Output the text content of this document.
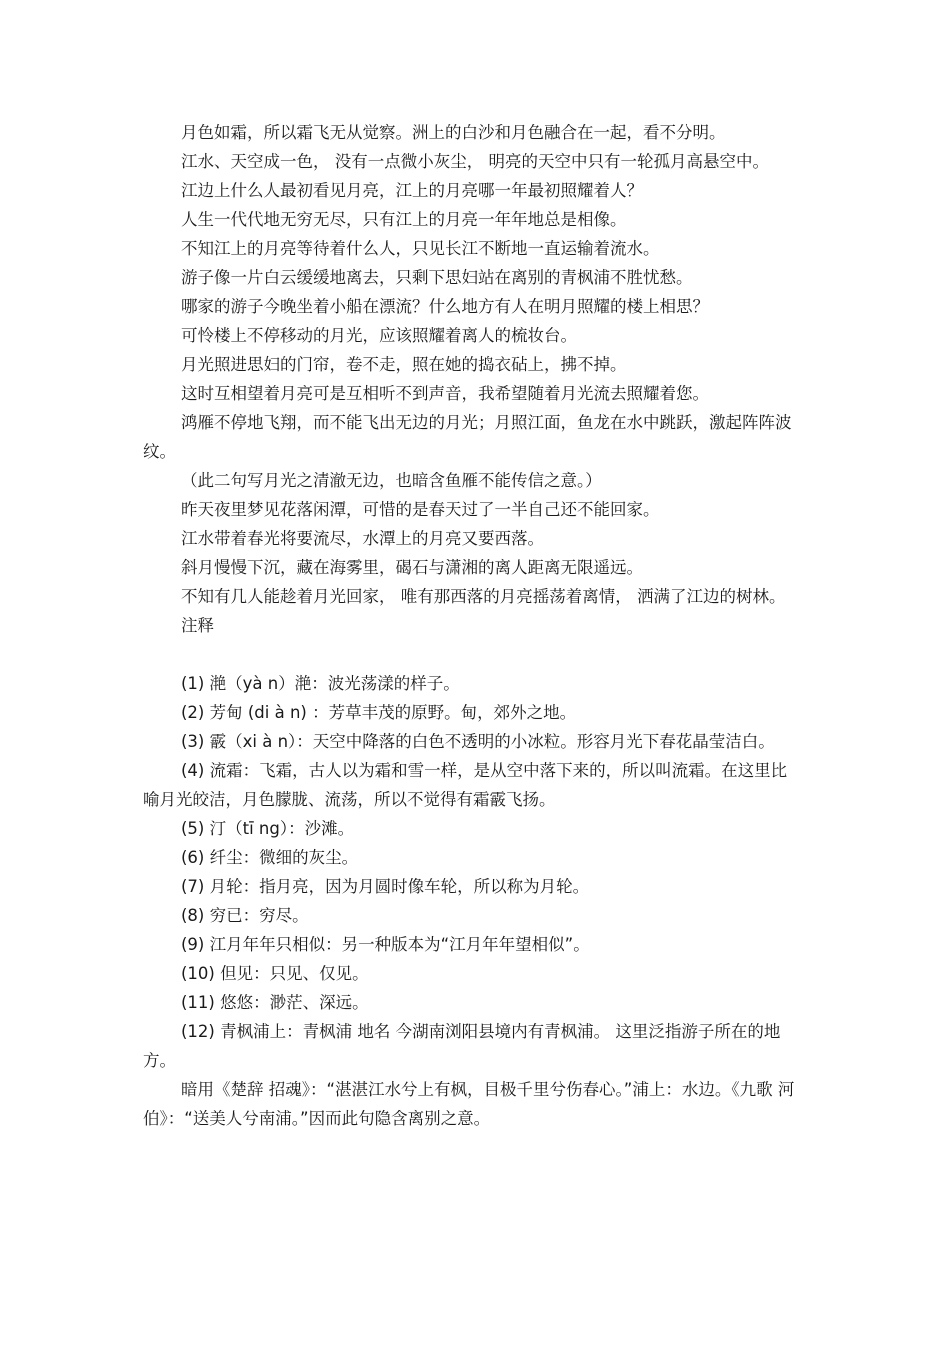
月色如霜，所以霜飞无从觉察。洲上的白沙和月色融合在一起，看不分明。

江水、天空成一色， 没有一点微小灰尘， 明亮的天空中只有一轮孤月高悬空中。

江边上什么人最初看见月亮，江上的月亮哪一年最初照耀着人？

人生一代代地无穷无尽，只有江上的月亮一年年地总是相像。

不知江上的月亮等待着什么人，只见长江不断地一直运输着流水。

游子像一片白云缓缓地离去，只剩下思妇站在离别的青枫浦不胜忧愁。

哪家的游子今晚坐着小船在漂流？什么地方有人在明月照耀的楼上相思？

可怜楼上不停移动的月光，应该照耀着离人的梳妆台。

月光照进思妇的门帘，卷不走，照在她的捣衣砧上，拂不掉。

这时互相望着月亮可是互相听不到声音，我希望随着月光流去照耀着您。

鸿雁不停地飞翔，而不能飞出无边的月光；月照江面，鱼龙在水中跳跃，激起阵阵波纹。

（此二句写月光之清澈无边，也暗含鱼雁不能传信之意。）

昨天夜里梦见花落闲潭，可惜的是春天过了一半自己还不能回家。

江水带着春光将要流尽，水潭上的月亮又要西落。

斜月慢慢下沉，藏在海雾里，碣石与潇湘的离人距离无限遥远。

不知有几人能趁着月光回家， 唯有那西落的月亮摇荡着离情， 洒满了江边的树林。

注释

(1) 滟（yà n）滟：波光荡漾的样子。

(2) 芳甸 (di à n) ：芳草丰茂的原野。甸，郊外之地。

(3) 霰（xi à n）：天空中降落的白色不透明的小冰粒。形容月光下春花晶莹洁白。

(4) 流霜：飞霜，古人以为霜和雪一样，是从空中落下来的，所以叫流霜。在这里比喻月光皎洁，月色朦胧、流荡，所以不觉得有霜霰飞扬。

(5) 汀（tī ng）：沙滩。

(6) 纤尘：微细的灰尘。

(7) 月轮：指月亮，因为月圆时像车轮，所以称为月轮。

(8) 穷已：穷尽。

(9) 江月年年只相似：另一种版本为“江月年年望相似”。

(10) 但见：只见、仅见。

(11) 悠悠：渺茫、深远。

(12) 青枫浦上：青枫浦 地名 今湖南浏阳县境内有青枫浦。 这里泛指游子所在的地方。

暗用《楚辞 招魂》：“湛湛江水兮上有枫，目极千里兮伤春心。”浦上：水边。《九歌 河伯》：“送美人兮南浦。”因而此句隐含离别之意。
